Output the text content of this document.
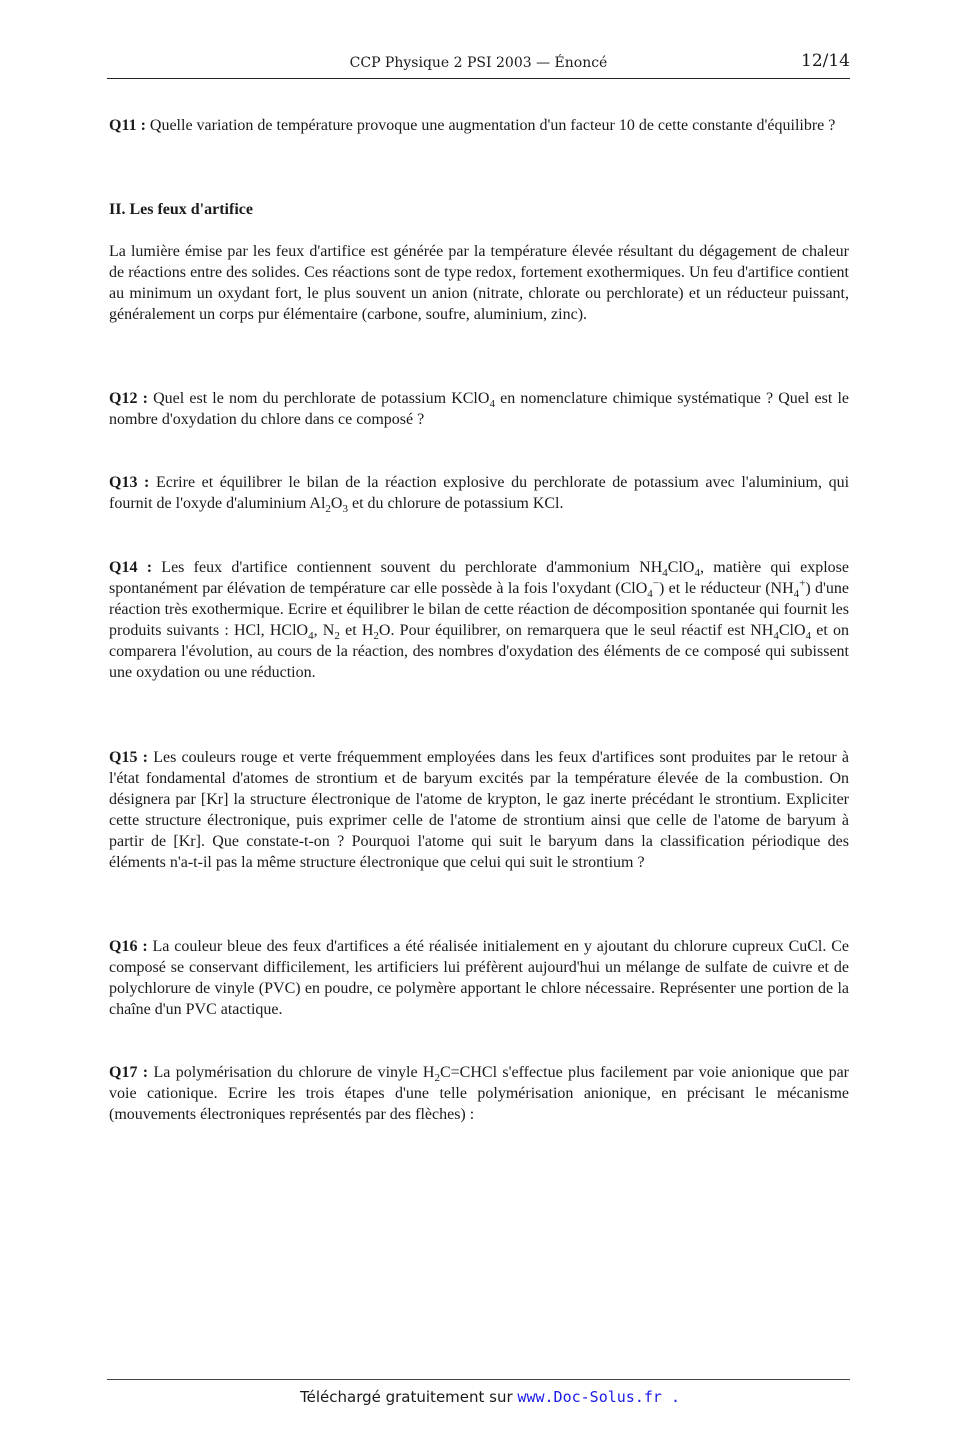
CCP Physique 2 PSI 2003 — Énoncé	12/14

Q11 : Quelle variation de température provoque une augmentation d'un facteur 10 de cette constante d'équilibre ?

II. Les feux d'artifice

La lumière émise par les feux d'artifice est générée par la température élevée résultant du dégagement de chaleur de réactions entre des solides. Ces réactions sont de type redox, fortement exothermiques. Un feu d'artifice contient au minimum un oxydant fort, le plus souvent un anion (nitrate, chlorate ou perchlorate) et un réducteur puissant, généralement un corps pur élémentaire (carbone, soufre, aluminium, zinc).

Q12 : Quel est le nom du perchlorate de potassium KClO$_4$ en nomenclature chimique systématique ? Quel est le nombre d'oxydation du chlore dans ce composé ?

Q13 : Ecrire et équilibrer le bilan de la réaction explosive du perchlorate de potassium avec l'aluminium, qui fournit de l'oxyde d'aluminium $Al_2O_3$ et du chlorure de potassium KCl.

Q14 : Les feux d'artifice contiennent souvent du perchlorate d'ammonium $NH_4ClO_4$, matière qui explose spontanément par élévation de température car elle possède à la fois l'oxydant (ClO$_4$−) et le réducteur $(NH_4^+)$ d'une réaction très exothermique. Ecrire et équilibrer le bilan de cette réaction de décomposition spontanée qui fournit les produits suivants : HCl, HClO$_4$, $N_2$ et $H_2O$. Pour équilibrer, on remarquera que le seul réactif est $NH_4ClO_4$ et on comparera l'évolution, au cours de la réaction, des nombres d'oxydation des éléments de ce composé qui subissent une oxydation ou une réduction.

Q15 : Les couleurs rouge et verte fréquemment employées dans les feux d'artifices sont produites par le retour à l'état fondamental d'atomes de strontium et de baryum excités par la température élevée de la combustion. On désignera par [Kr] la structure électronique de l'atome de krypton, le gaz inerte précédant le strontium. Expliciter cette structure électronique, puis exprimer celle de l'atome de strontium ainsi que celle de l'atome de baryum à partir de [Kr]. Que constate-t-on ? Pourquoi l'atome qui suit le baryum dans la classification périodique des éléments n'a-t-il pas la même structure électronique que celui qui suit le strontium ?

Q16 : La couleur bleue des feux d'artifices a été réalisée initialement en y ajoutant du chlorure cupreux CuCl. Ce composé se conservant difficilement, les artificiers lui préfèrent aujourd'hui un mélange de sulfate de cuivre et de polychlorure de vinyle (PVC) en poudre, ce polymère apportant le chlore nécessaire. Représenter une portion de la chaîne d'un PVC atactique.

Q17 : La polymérisation du chlorure de vinyle $H_2C=CHCl$ s'effectue plus facilement par voie anionique que par voie cationique. Ecrire les trois étapes d'une telle polymérisation anionique, en précisant le mécanisme (mouvements électroniques représentés par des flèches) :

Téléchargé gratuitement sur www.Doc-Solus.fr .
